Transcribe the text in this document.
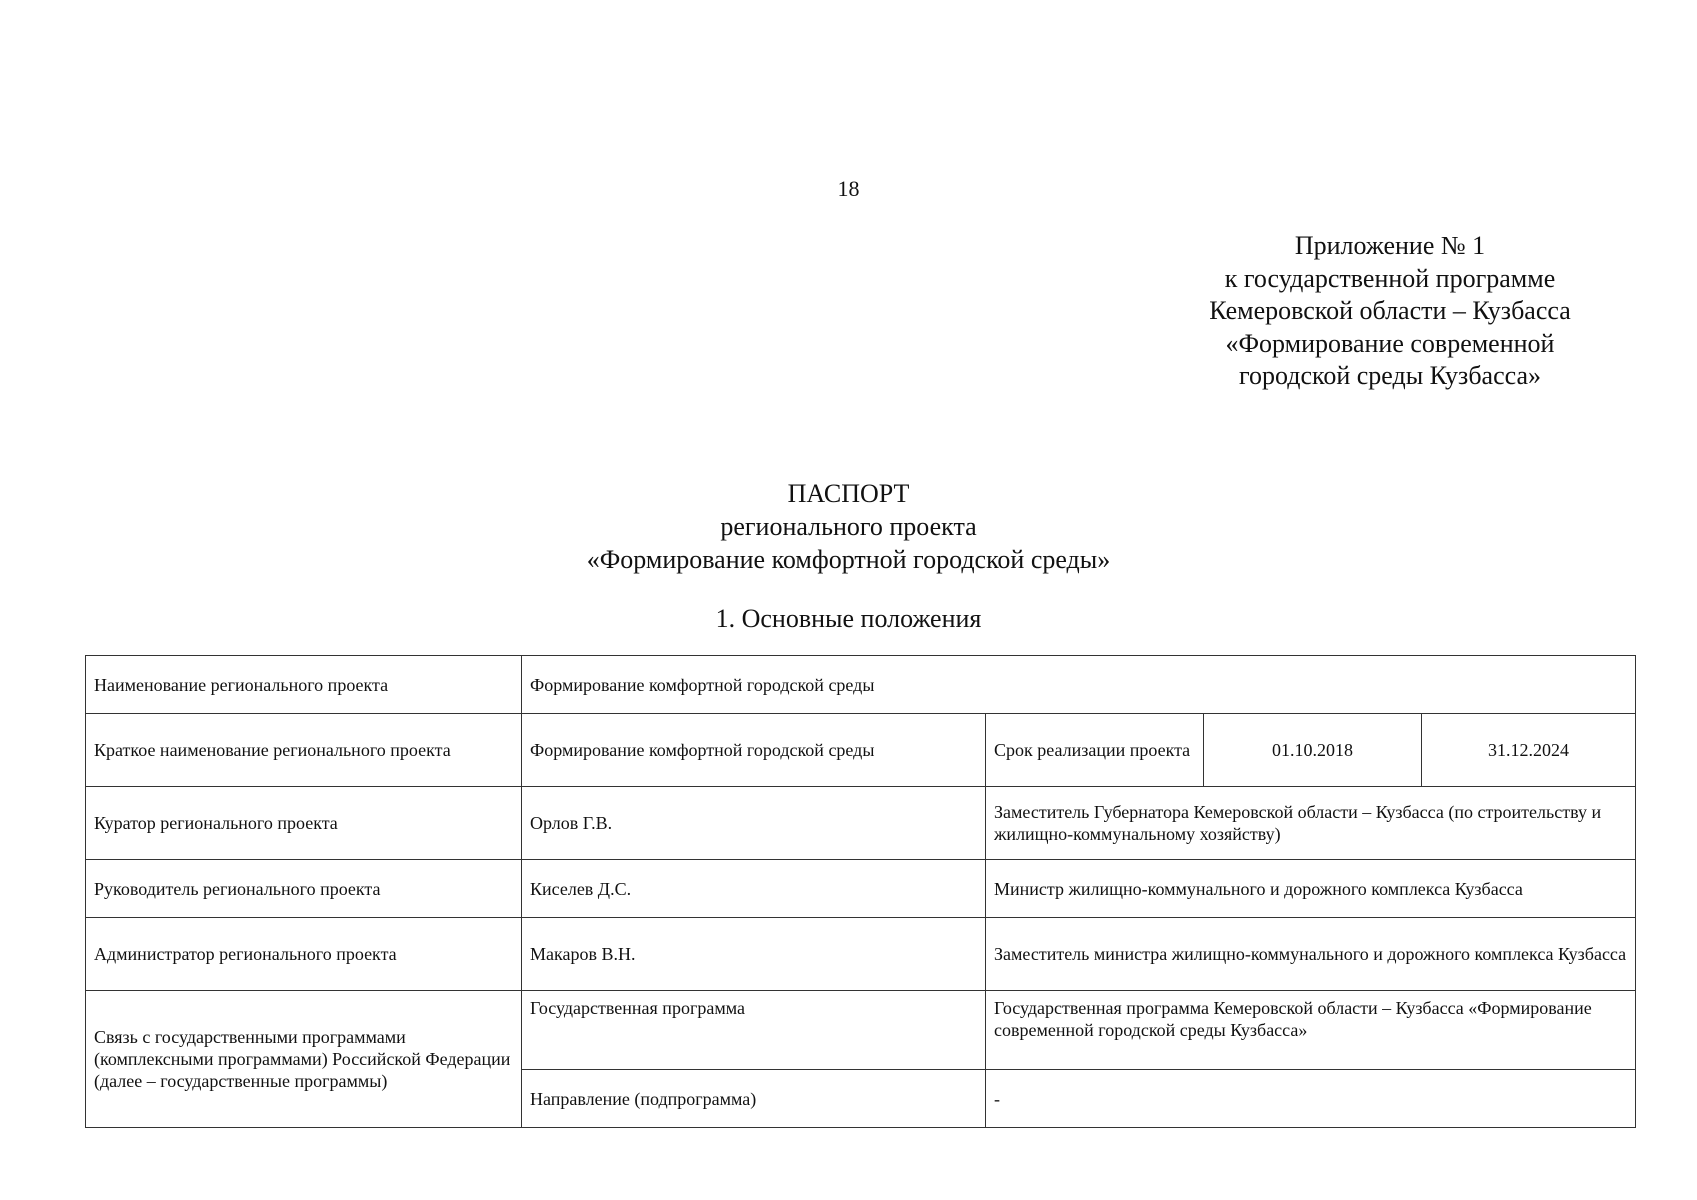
18
Приложение № 1
к государственной программе
Кемеровской области – Кузбасса
«Формирование современной
городской среды Кузбасса»
ПАСПОРТ
регионального проекта
«Формирование комфортной городской среды»
1. Основные положения
Наименование регионального проекта	Формирование комфортной городской среды			
Краткое наименование регионального проекта	Формирование комфортной городской среды	Срок реализации проекта	01.10.2018	31.12.2024
Куратор регионального проекта	Орлов Г.В.	Заместитель Губернатора Кемеровской области – Кузбасса (по строительству и жилищно-коммунальному хозяйству)		
Руководитель регионального проекта	Киселев Д.С.	Министр жилищно-коммунального и дорожного комплекса Кузбасса		
Администратор регионального проекта	Макаров В.Н.	Заместитель министра жилищно-коммунального и дорожного комплекса Кузбасса		
Связь с государственными программами (комплексными программами) Российской Федерации (далее – государственные программы)	Государственная программа	Государственная программа Кемеровской области – Кузбасса «Формирование современной городской среды Кузбасса»		
	Направление (подпрограмма)	-		
